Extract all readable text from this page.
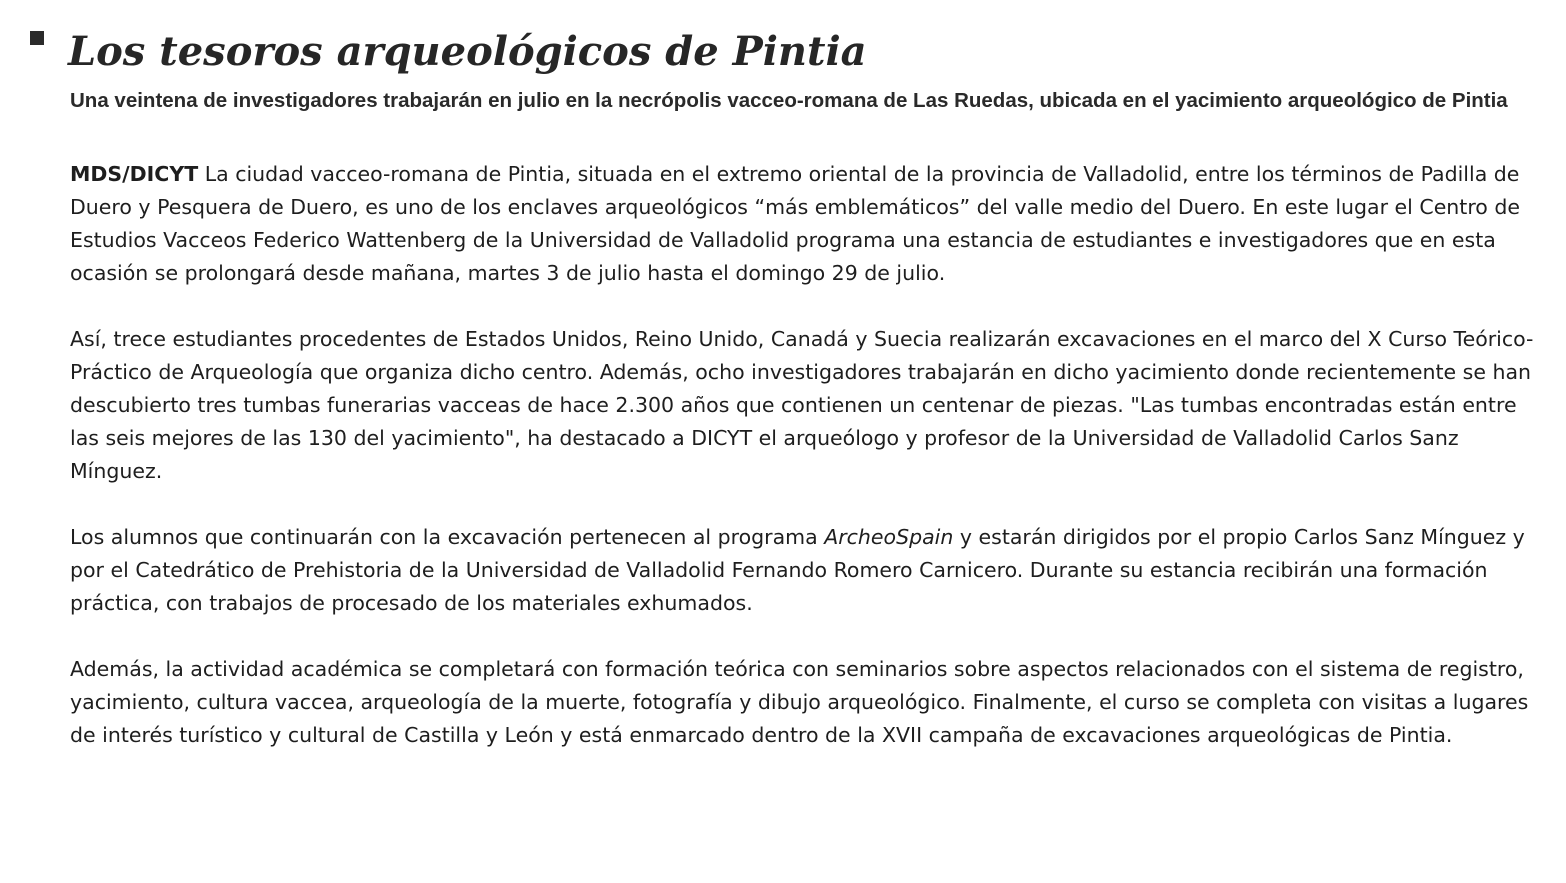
Los tesoros arqueológicos de Pintia

Una veintena de investigadores trabajarán en julio en la necrópolis vacceo-romana de Las Ruedas, ubicada en el yacimiento arqueológico de Pintia

MDS/DICYT La ciudad vacceo-romana de Pintia, situada en el extremo oriental de la provincia de Valladolid, entre los términos de Padilla de Duero y Pesquera de Duero, es uno de los enclaves arqueológicos “más emblemáticos” del valle medio del Duero. En este lugar el Centro de Estudios Vacceos Federico Wattenberg de la Universidad de Valladolid programa una estancia de estudiantes e investigadores que en esta ocasión se prolongará desde mañana, martes 3 de julio hasta el domingo 29 de julio.

Así, trece estudiantes procedentes de Estados Unidos, Reino Unido, Canadá y Suecia realizarán excavaciones en el marco del X Curso Teórico-Práctico de Arqueología que organiza dicho centro. Además, ocho investigadores trabajarán en dicho yacimiento donde recientemente se han descubierto tres tumbas funerarias vacceas de hace 2.300 años que contienen un centenar de piezas. "Las tumbas encontradas están entre las seis mejores de las 130 del yacimiento", ha destacado a DICYT el arqueólogo y profesor de la Universidad de Valladolid Carlos Sanz Mínguez.

Los alumnos que continuarán con la excavación pertenecen al programa ArcheoSpain y estarán dirigidos por el propio Carlos Sanz Mínguez y por el Catedrático de Prehistoria de la Universidad de Valladolid Fernando Romero Carnicero. Durante su estancia recibirán una formación práctica, con trabajos de procesado de los materiales exhumados.

Además, la actividad académica se completará con formación teórica con seminarios sobre aspectos relacionados con el sistema de registro, yacimiento, cultura vaccea, arqueología de la muerte, fotografía y dibujo arqueológico. Finalmente, el curso se completa con visitas a lugares de interés turístico y cultural de Castilla y León y está enmarcado dentro de la XVII campaña de excavaciones arqueológicas de Pintia.
